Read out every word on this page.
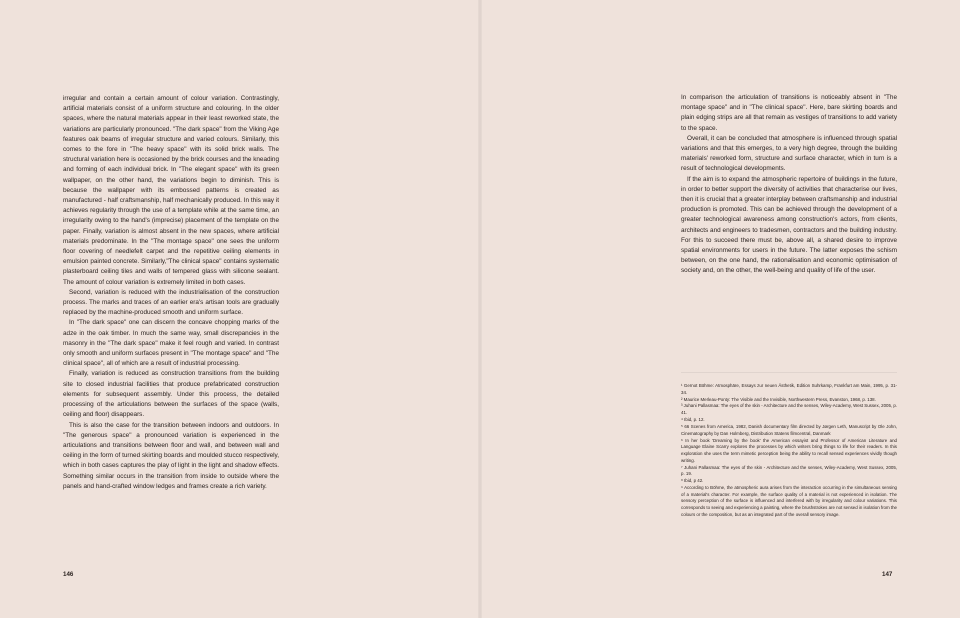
irregular and contain a certain amount of colour variation. Contrastingly, artificial materials consist of a uniform structure and colouring. In the older spaces, where the natural materials appear in their least reworked state, the variations are particularly pronounced. "The dark space" from the Viking Age features oak beams of irregular structure and varied colours. Similarly, this comes to the fore in "The heavy space" with its solid brick walls. The structural variation here is occasioned by the brick courses and the kneading and forming of each individual brick. In "The elegant space" with its green wallpaper, on the other hand, the variations begin to diminish. This is because the wallpaper with its embossed patterns is created as manufactured - half craftsmanship, half mechanically produced. In this way it achieves regularity through the use of a template while at the same time, an irregularity owing to the hand's (imprecise) placement of the template on the paper. Finally, variation is almost absent in the new spaces, where artificial materials predominate. In the "The montage space" one sees the uniform floor covering of needlefelt carpet and the repetitive ceiling elements in emulsion painted concrete. Similarly,"The clinical space" contains systematic plasterboard ceiling tiles and walls of tempered glass with silicone sealant. The amount of colour variation is extremely limited in both cases.

Second, variation is reduced with the industrialisation of the construction process. The marks and traces of an earlier era's artisan tools are gradually replaced by the machine-produced smooth and uniform surface.

In "The dark space" one can discern the concave chopping marks of the adze in the oak timber. In much the same way, small discrepancies in the masonry in the "The dark space" make it feel rough and varied. In contrast only smooth and uniform surfaces present in "The montage space" and "The clinical space", all of which are a result of industrial processing.

Finally, variation is reduced as construction transitions from the building site to closed industrial facilities that produce prefabricated construction elements for subsequent assembly. Under this process, the detailed processing of the articulations between the surfaces of the space (walls, ceiling and floor) disappears.

This is also the case for the transition between indoors and outdoors. In "The generous space" a pronounced variation is experienced in the articulations and transitions between floor and wall, and between wall and ceiling in the form of turned skirting boards and moulded stucco respectively, which in both cases captures the play of light in the light and shadow effects. Something similar occurs in the transition from inside to outside where the panels and hand-crafted window ledges and frames create a rich variety.

In comparison the articulation of transitions is noticeably absent in "The montage space" and in "The clinical space". Here, bare skirting boards and plain edging strips are all that remain as vestiges of transitions to add variety to the space.

Overall, it can be concluded that atmosphere is influenced through spatial variations and that this emerges, to a very high degree, through the building materials' reworked form, structure and surface character, which in turn is a result of technological developments.

If the aim is to expand the atmospheric repertoire of buildings in the future, in order to better support the diversity of activities that characterise our lives, then it is crucial that a greater interplay between craftsmanship and industrial production is promoted. This can be achieved through the development of a greater technological awareness among construction's actors, from clients, architects and engineers to tradesmen, contractors and the building industry. For this to succeed there must be, above all, a shared desire to improve spatial environments for users in the future. The latter exposes the schism between, on the one hand, the rationalisation and economic optimisation of society and, on the other, the well-being and quality of life of the user.

¹ Gernot Böhme: Atmosphäre, Essays zur neuen Ästhetik, Edition Suhrkamp, Frankfurt am Main, 1995, p. 31-34.

² Maurice Merleau-Ponty: The Visible and the Invisible, Northwestern Press, Evanston, 1968, p. 138.

³ Juhani Pallasmaa: The eyes of the skin - Architecture and the senses, Wiley-Academy, West Sussex, 2005, p. 41.

⁴ Ibid, p. 12.

⁵ 66 Scenes from America, 1982, Danish documentary film directed by Jørgen Leth, Manuscript by Ole John, Cinematography by Dan Holmberg, Distribution Statens filmcentral, Danmark

⁶ In her book 'Dreaming by the book' the American essayist and Professor of American Literature and Language Elaine Scarry explores the processes by which writers bring things to life for their readers. In this exploration she uses the term mimetic perception being the ability to recall sensed experiences vividly though writing.

⁷ Juhani Pallasmaa: The eyes of the skin - Architecture and the senses, Wiley-Academy, West Sussex, 2005, p. 19.

⁸ Ibid, p 42.

⁹ According to Böhme, the atmospheric aura arises from the interaction occurring in the simultaneous sensing of a material's character. For example, the surface quality of a material is not experienced in isolation. The sensory perception of the surface is influenced and interfered with by irregularity and colour variations. This corresponds to seeing and experiencing a painting, where the brushstrokes are not sensed in isolation from the colours or the composition, but as an integrated part of the overall sensory image.

146	147
